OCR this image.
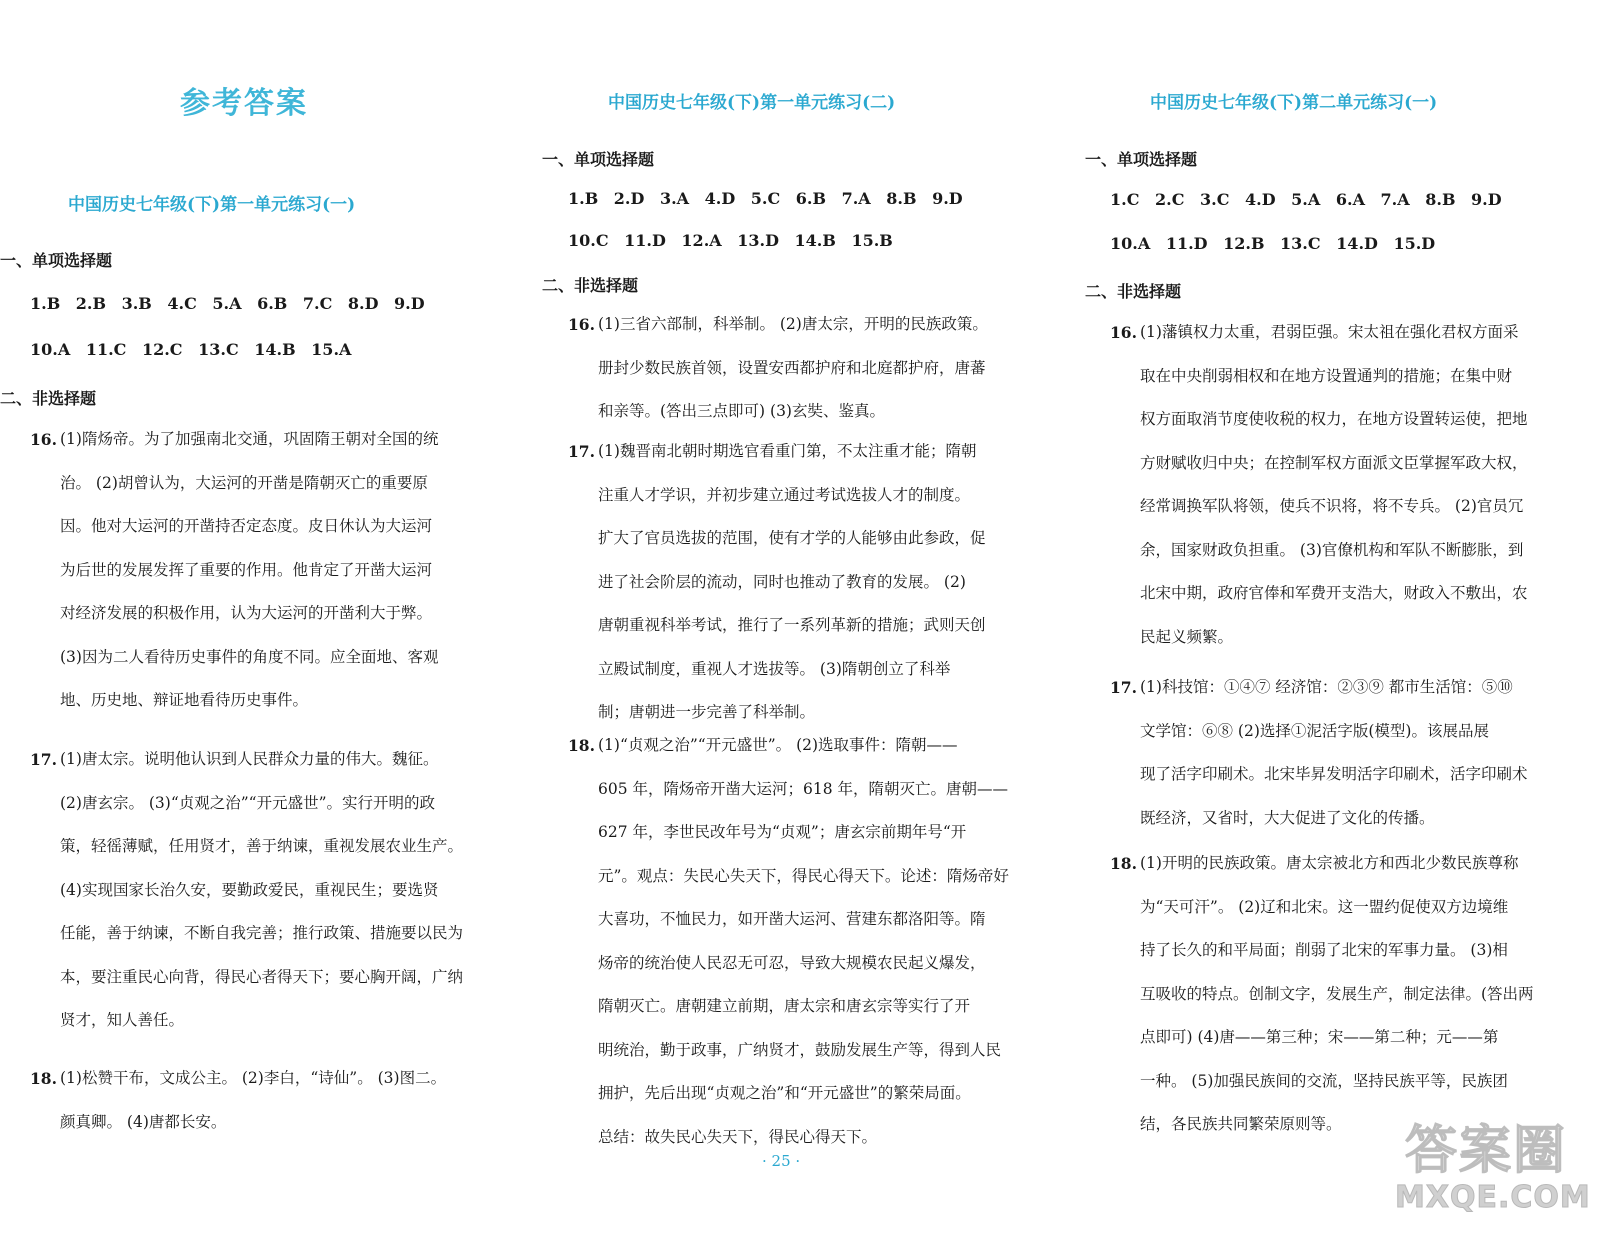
参考答案
中国历史七年级(下)第一单元练习(一)
一、单项选择题
1.B 2.B 3.B 4.C 5.A 6.B 7.C 8.D 9.D
10.A 11.C 12.C 13.C 14.B 15.A
二、非选择题
16. (1)隋炀帝。为了加强南北交通，巩固隋王朝对全国的统
治。 (2)胡曾认为，大运河的开凿是隋朝灭亡的重要原
因。他对大运河的开凿持否定态度。皮日休认为大运河
为后世的发展发挥了重要的作用。他肯定了开凿大运河
对经济发展的积极作用，认为大运河的开凿利大于弊。
(3)因为二人看待历史事件的角度不同。应全面地、客观
地、历史地、辩证地看待历史事件。
17. (1)唐太宗。说明他认识到人民群众力量的伟大。魏征。
(2)唐玄宗。 (3)“贞观之治”“开元盛世”。实行开明的政
策，轻徭薄赋，任用贤才，善于纳谏，重视发展农业生产。
(4)实现国家长治久安，要勤政爱民，重视民生；要选贤
任能，善于纳谏，不断自我完善；推行政策、措施要以民为
本，要注重民心向背，得民心者得天下；要心胸开阔，广纳
贤才，知人善任。
18. (1)松赞干布，文成公主。 (2)李白，“诗仙”。 (3)图二。
颜真卿。 (4)唐都长安。
中国历史七年级(下)第一单元练习(二)
一、单项选择题
1.B 2.D 3.A 4.D 5.C 6.B 7.A 8.B 9.D
10.C 11.D 12.A 13.D 14.B 15.B
二、非选择题
16. (1)三省六部制，科举制。 (2)唐太宗，开明的民族政策。
册封少数民族首领，设置安西都护府和北庭都护府，唐蕃
和亲等。(答出三点即可) (3)玄奘、鉴真。
17. (1)魏晋南北朝时期选官看重门第，不太注重才能；隋朝
注重人才学识，并初步建立通过考试选拔人才的制度。
扩大了官员选拔的范围，使有才学的人能够由此参政，促
进了社会阶层的流动，同时也推动了教育的发展。 (2)
唐朝重视科举考试，推行了一系列革新的措施；武则天创
立殿试制度，重视人才选拔等。 (3)隋朝创立了科举
制；唐朝进一步完善了科举制。
18. (1)“贞观之治”“开元盛世”。 (2)选取事件：隋朝——
605 年，隋炀帝开凿大运河；618 年，隋朝灭亡。唐朝——
627 年，李世民改年号为“贞观”；唐玄宗前期年号“开
元”。观点：失民心失天下，得民心得天下。论述：隋炀帝好
大喜功，不恤民力，如开凿大运河、营建东都洛阳等。隋
炀帝的统治使人民忍无可忍，导致大规模农民起义爆发，
隋朝灭亡。唐朝建立前期，唐太宗和唐玄宗等实行了开
明统治，勤于政事，广纳贤才，鼓励发展生产等，得到人民
拥护，先后出现“贞观之治”和“开元盛世”的繁荣局面。
总结：故失民心失天下，得民心得天下。
中国历史七年级(下)第二单元练习(一)
一、单项选择题
1.C 2.C 3.C 4.D 5.A 6.A 7.A 8.B 9.D
10.A 11.D 12.B 13.C 14.D 15.D
二、非选择题
16. (1)藩镇权力太重，君弱臣强。宋太祖在强化君权方面采
取在中央削弱相权和在地方设置通判的措施；在集中财
权方面取消节度使收税的权力，在地方设置转运使，把地
方财赋收归中央；在控制军权方面派文臣掌握军政大权，
经常调换军队将领，使兵不识将，将不专兵。 (2)官员冗
余，国家财政负担重。 (3)官僚机构和军队不断膨胀，到
北宋中期，政府官俸和军费开支浩大，财政入不敷出，农
民起义频繁。
17. (1)科技馆：①④⑦ 经济馆：②③⑨ 都市生活馆：⑤⑩
文学馆：⑥⑧ (2)选择①泥活字版(模型)。该展品展
现了活字印刷术。北宋毕昇发明活字印刷术，活字印刷术
既经济，又省时，大大促进了文化的传播。
18. (1)开明的民族政策。唐太宗被北方和西北少数民族尊称
为“天可汗”。 (2)辽和北宋。这一盟约促使双方边境维
持了长久的和平局面；削弱了北宋的军事力量。 (3)相
互吸收的特点。创制文字，发展生产，制定法律。(答出两
点即可) (4)唐——第三种；宋——第二种；元——第
一种。 (5)加强民族间的交流，坚持民族平等，民族团
结，各民族共同繁荣原则等。
· 25 ·	答案圈
MXQE.COM
